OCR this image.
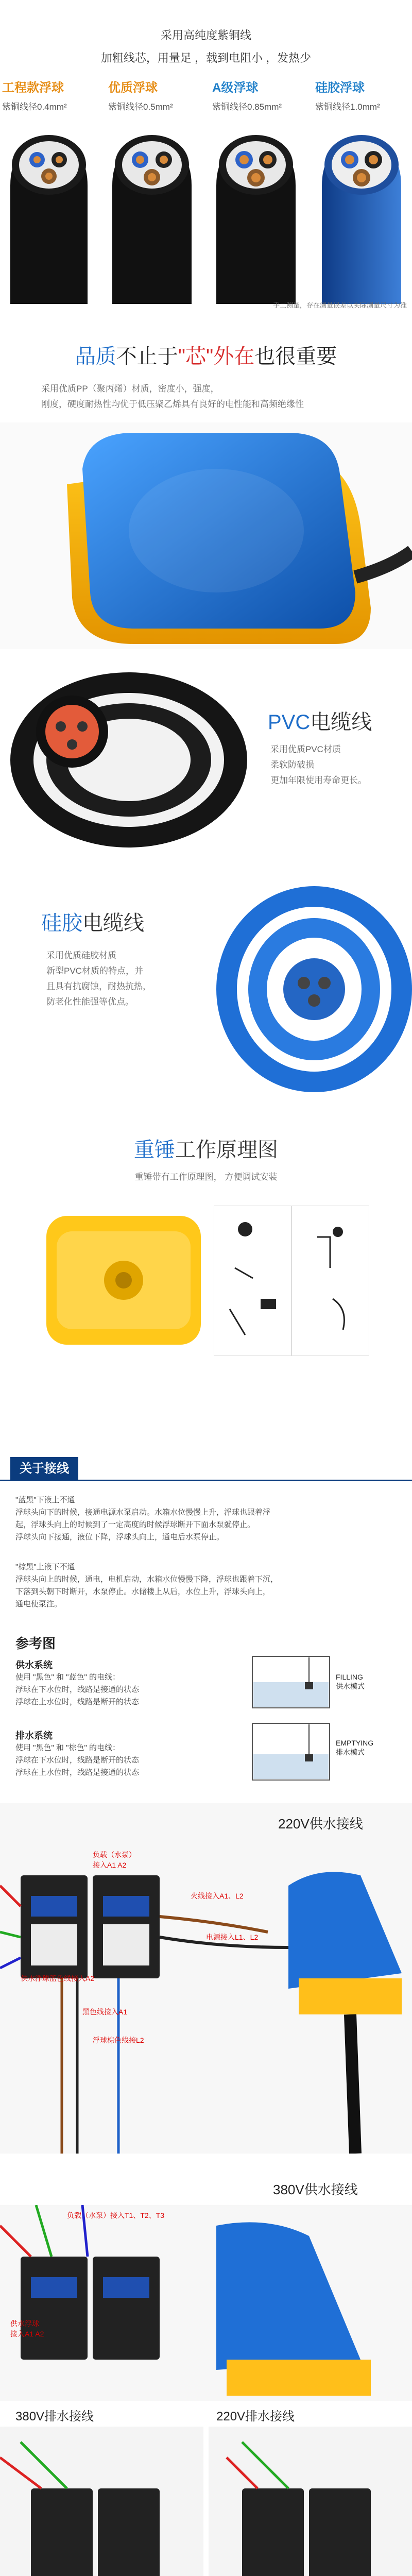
采用高纯度紫铜线
加粗线芯，用量足 ，载到电阻小 ，发热少
工程款浮球
紫铜线径0.4mm²
优质浮球
紫铜线径0.5mm²
A级浮球
紫铜线径0.85mm²
硅胶浮球
紫铜线径1.0mm²
手工测量，存在测量误差以实际测量尺寸为准
品质不止于"芯"外在也很重要
采用优质PP（聚丙烯）材质，密度小，强度，
刚度，硬度耐热性均优于低压聚乙烯具有良好的电性能和高频绝缘性
PVC电缆线
采用优质PVC材质
柔软防破损
更加年限使用寿命更长。
硅胶电缆线
采用优质硅胶材质
新型PVC材质的特点，并
且具有抗腐蚀，耐热抗热，
防老化性能强等优点。
重锤工作原理图
重锤带有工作原理图， 方便调试安装
关于接线
"蓝黑"下液上不通
浮球头向下的时候，接通电源水泵启动。水箱水位慢慢上升，浮球也跟着浮
起，浮球头向上的时候到了一定高度的时候浮球断开下面水泵就停止。
浮球头向下接通，液位下降，浮球头向上，通电后水泵停止。
"棕黑"上液下不通
浮球头向上的时候，通电，电机启动，水箱水位慢慢下降，浮球也跟着下沉，
下落到头朝下时断开，水泵停止。水储楼上从后，水位上升，浮球头向上，
通电使泵注。
参考图
供水系统
使用 "黑色" 和 "蓝色" 的电线：
浮球在下水位时，线路是接通的状态
浮球在上水位时，线路是断开的状态
排水系统
使用 "黑色" 和 "棕色" 的电线：
浮球在下水位时，线路是断开的状态
浮球在上水位时，线路是接通的状态
FILLING
供水模式
EMPTYING
排水模式
220V供水接线
负载（水泵）
接入A1 A2
火线接入A1、L2
电源接入L1、L2
黑色线接入A1
供水浮球蓝色线接入A2
浮球棕色线接L2
380V供水接线
负载（水泵）接入T1、T2、T3
供水浮球
接入A1 A2
380V排水接线	220V排水接线
